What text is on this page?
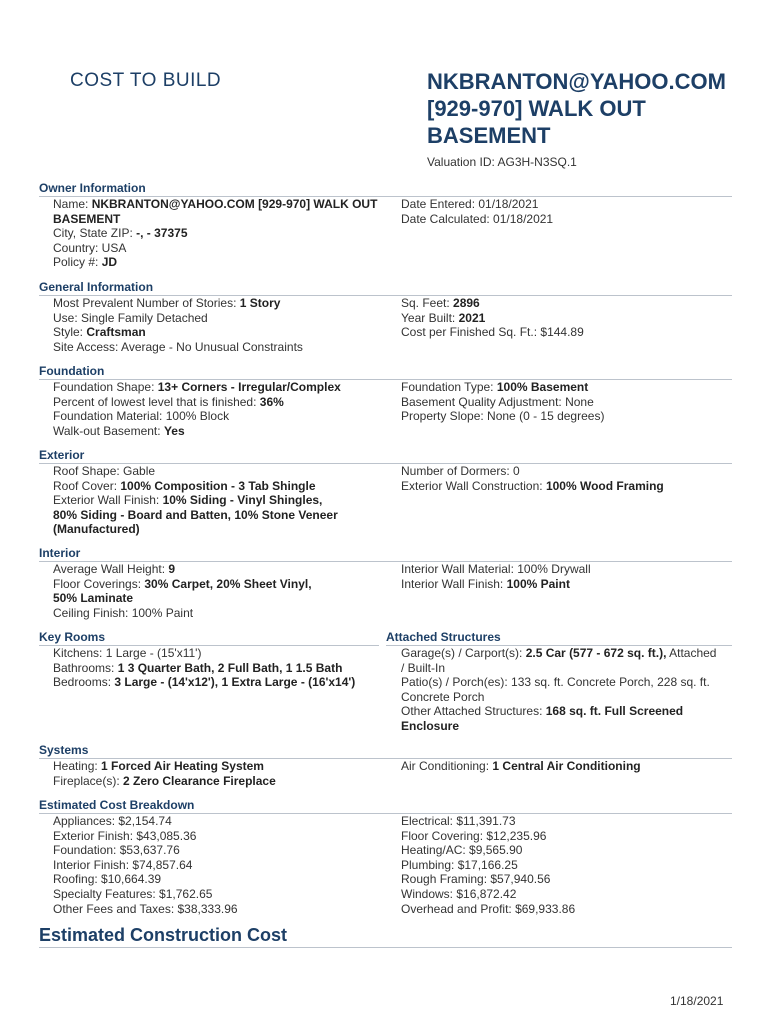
COST TO BUILD	NKBRANTON@YAHOO.COM [929-970] WALK OUT BASEMENT
Valuation ID: AG3H-N3SQ.1
Owner Information
Name: NKBRANTON@YAHOO.COM [929-970] WALK OUT BASEMENT
City, State ZIP: -, - 37375
Country: USA
Policy #: JD
Date Entered: 01/18/2021
Date Calculated: 01/18/2021
General Information
Most Prevalent Number of Stories: 1 Story
Use: Single Family Detached
Style: Craftsman
Site Access: Average - No Unusual Constraints
Sq. Feet: 2896
Year Built: 2021
Cost per Finished Sq. Ft.: $144.89
Foundation
Foundation Shape: 13+ Corners - Irregular/Complex
Percent of lowest level that is finished: 36%
Foundation Material: 100% Block
Walk-out Basement: Yes
Foundation Type: 100% Basement
Basement Quality Adjustment: None
Property Slope: None (0 - 15 degrees)
Exterior
Roof Shape: Gable
Roof Cover: 100% Composition - 3 Tab Shingle
Exterior Wall Finish: 10% Siding - Vinyl Shingles,
80% Siding - Board and Batten, 10% Stone Veneer
(Manufactured)
Number of Dormers: 0
Exterior Wall Construction: 100% Wood Framing
Interior
Average Wall Height: 9
Floor Coverings: 30% Carpet, 20% Sheet Vinyl,
50% Laminate
Ceiling Finish: 100% Paint
Interior Wall Material: 100% Drywall
Interior Wall Finish: 100% Paint
Key Rooms	Attached Structures
Kitchens: 1 Large - (15'x11')
Bathrooms: 1 3 Quarter Bath, 2 Full Bath, 1 1.5 Bath
Bedrooms: 3 Large - (14'x12'), 1 Extra Large - (16'x14')
Garage(s) / Carport(s): 2.5 Car (577 - 672 sq. ft.), Attached
/ Built-In
Patio(s) / Porch(es): 133 sq. ft. Concrete Porch, 228 sq. ft.
Concrete Porch
Other Attached Structures: 168 sq. ft. Full Screened
Enclosure
Systems
Heating: 1 Forced Air Heating System
Fireplace(s): 2 Zero Clearance Fireplace
Air Conditioning: 1 Central Air Conditioning
Estimated Cost Breakdown
Appliances: $2,154.74
Exterior Finish: $43,085.36
Foundation: $53,637.76
Interior Finish: $74,857.64
Roofing: $10,664.39
Specialty Features: $1,762.65
Other Fees and Taxes: $38,333.96
Electrical: $11,391.73
Floor Covering: $12,235.96
Heating/AC: $9,565.90
Plumbing: $17,166.25
Rough Framing: $57,940.56
Windows: $16,872.42
Overhead and Profit: $69,933.86
Estimated Construction Cost
1/18/2021
